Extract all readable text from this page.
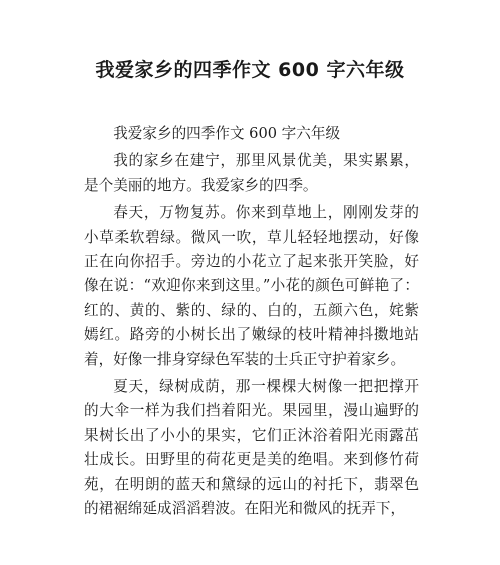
我爱家乡的四季作文 600 字六年级

我爱家乡的四季作文 600 字六年级

我的家乡在建宁，那里风景优美，果实累累，是个美丽的地方。我爱家乡的四季。

春天，万物复苏。你来到草地上，刚刚发芽的小草柔软碧绿。微风一吹，草儿轻轻地摆动，好像正在向你招手。旁边的小花立了起来张开笑脸，好像在说：“欢迎你来到这里。”小花的颜色可鲜艳了：红的、黄的、紫的、绿的、白的，五颜六色，姹紫嫣红。路旁的小树长出了嫩绿的枝叶精神抖擞地站着，好像一排身穿绿色军装的士兵正守护着家乡。

夏天，绿树成荫，那一棵棵大树像一把把撑开的大伞一样为我们挡着阳光。果园里，漫山遍野的果树长出了小小的果实，它们正沐浴着阳光雨露茁壮成长。田野里的荷花更是美的绝唱。来到修竹荷苑，在明朗的蓝天和黛绿的远山的衬托下，翡翠色的裙裾绵延成滔滔碧波。在阳光和微风的抚弄下，
